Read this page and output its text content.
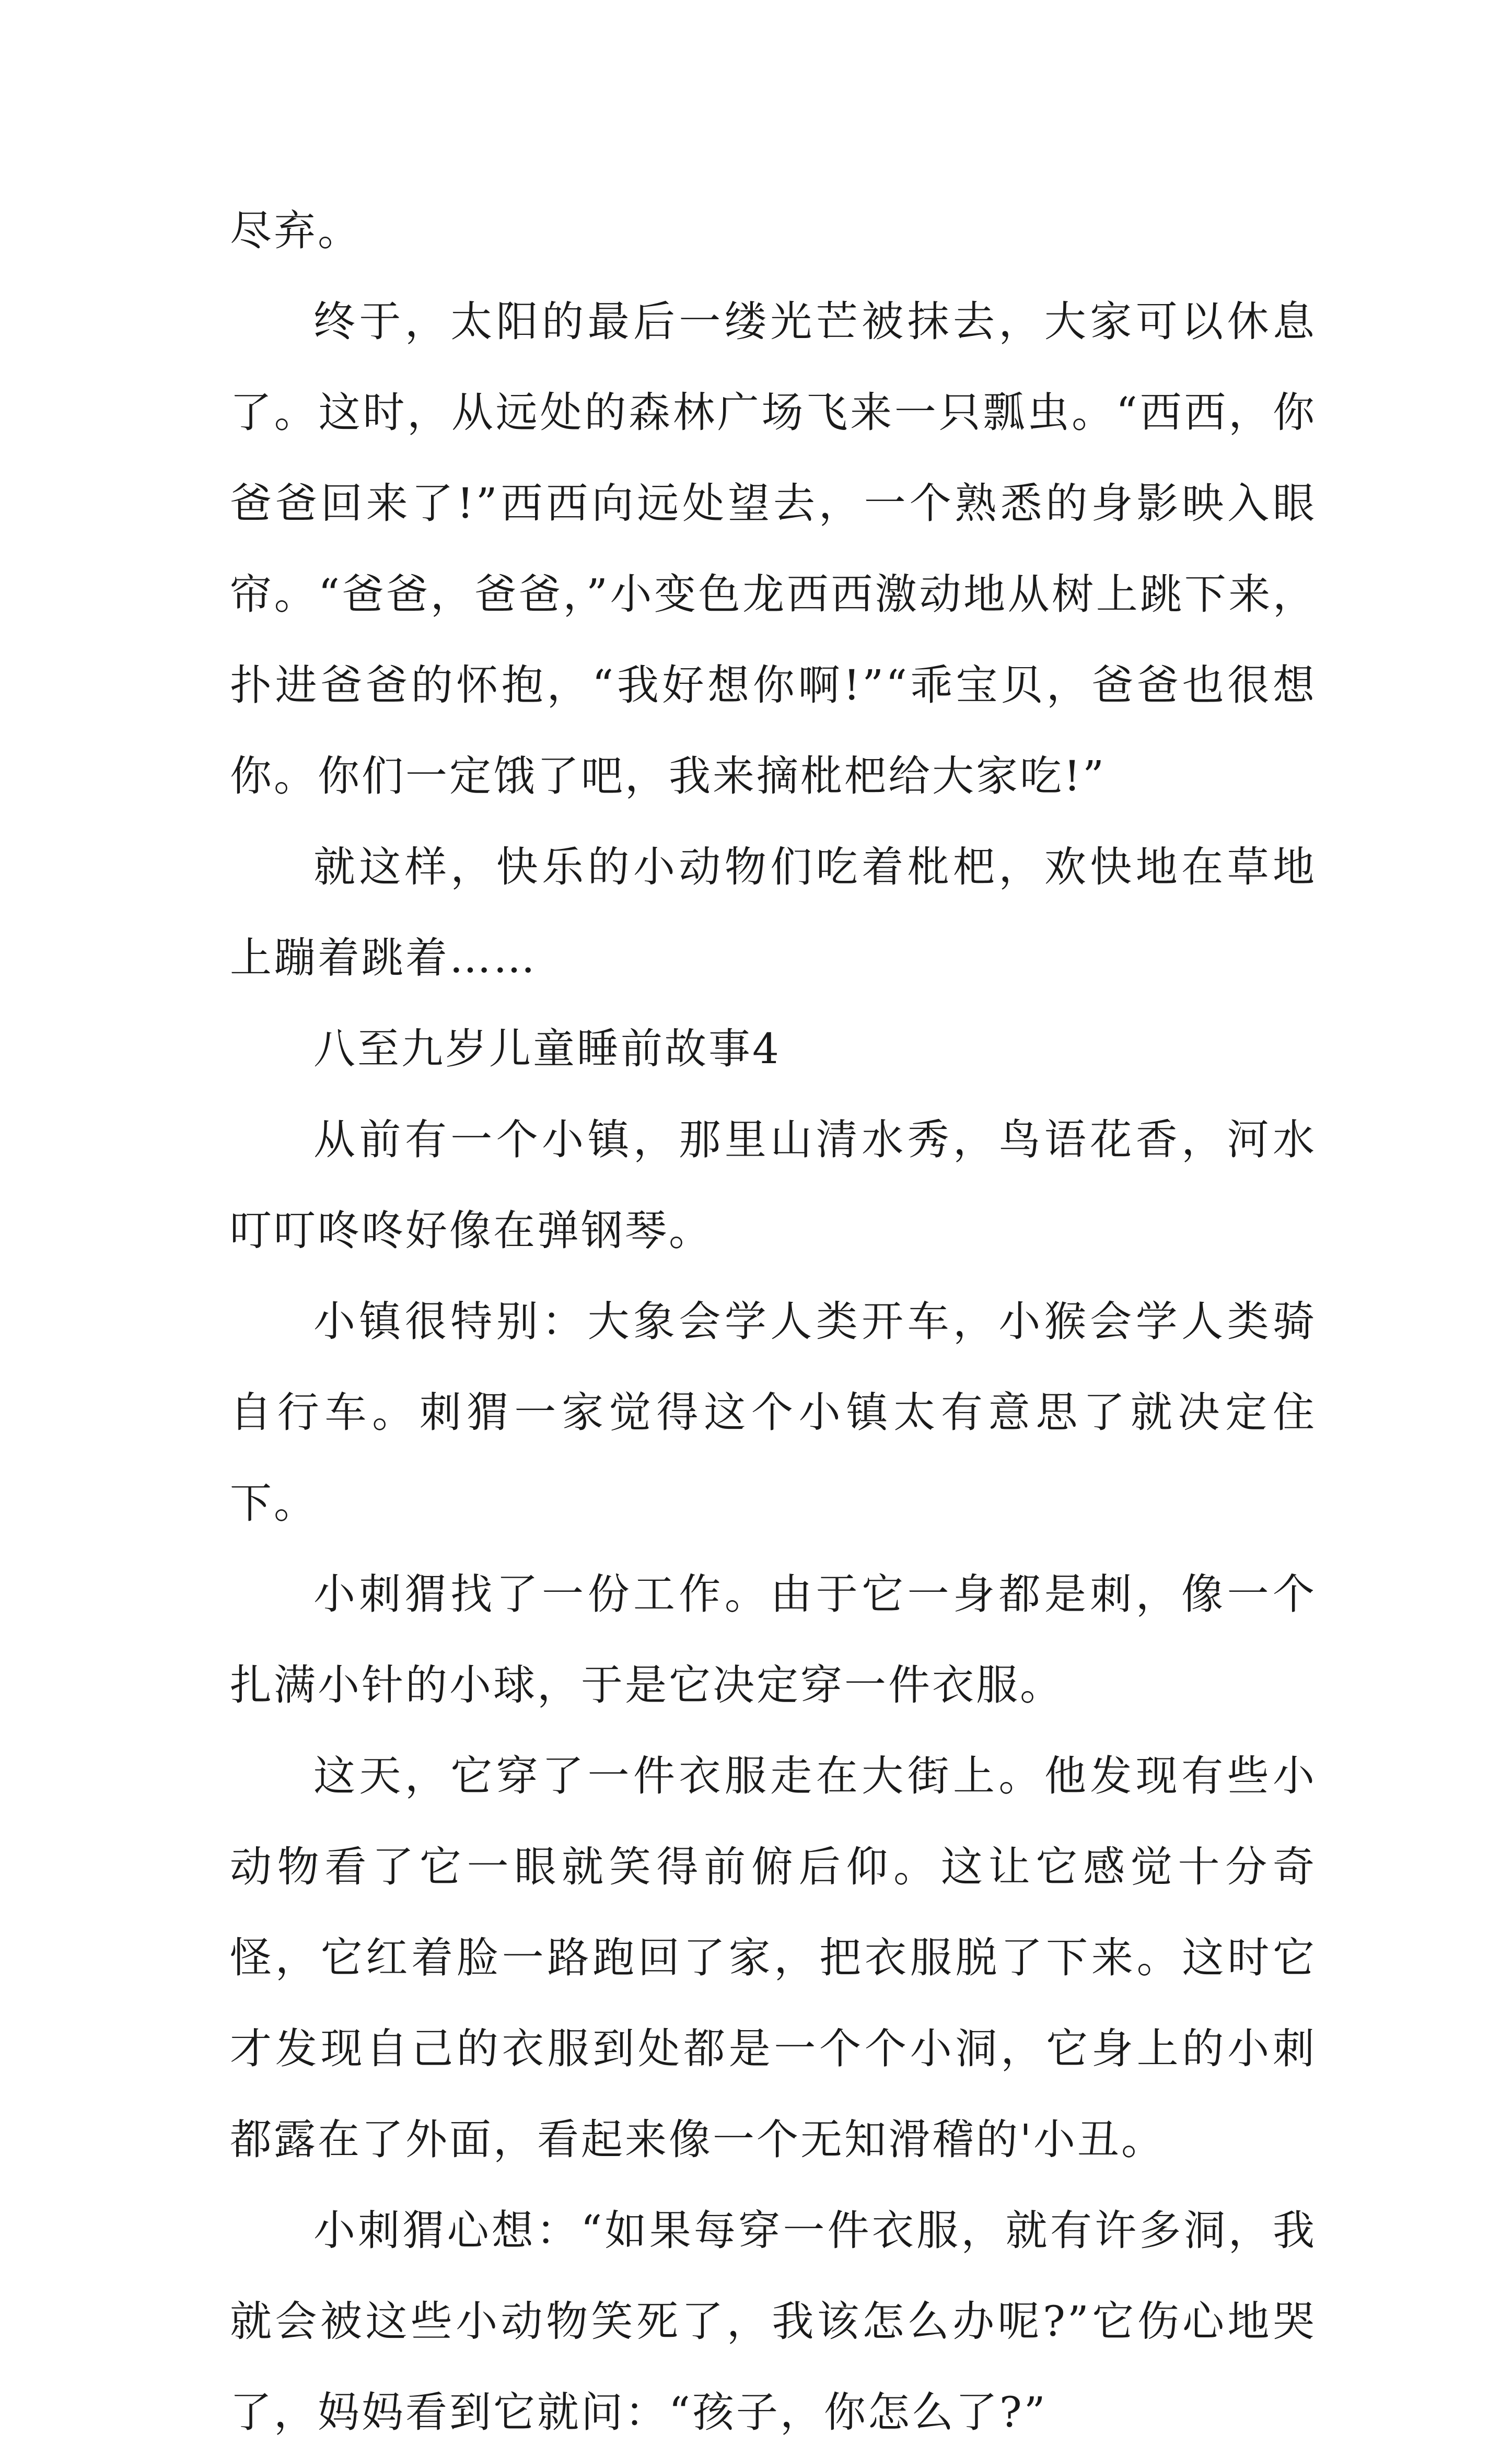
尽弃。

终于，太阳的最后一缕光芒被抹去，大家可以休息了。这时，从远处的森林广场飞来一只瓢虫。“西西，你爸爸回来了!”西西向远处望去，一个熟悉的身影映入眼帘。“爸爸，爸爸，”小变色龙西西激动地从树上跳下来，扑进爸爸的怀抱，“我好想你啊!”“乖宝贝，爸爸也很想你。你们一定饿了吧，我来摘枇杷给大家吃!”

就这样，快乐的小动物们吃着枇杷，欢快地在草地上蹦着跳着……

八至九岁儿童睡前故事4

从前有一个小镇，那里山清水秀，鸟语花香，河水叮叮咚咚好像在弹钢琴。

小镇很特别：大象会学人类开车，小猴会学人类骑自行车。刺猬一家觉得这个小镇太有意思了就决定住下。

小刺猬找了一份工作。由于它一身都是刺，像一个扎满小针的小球，于是它决定穿一件衣服。

这天，它穿了一件衣服走在大街上。他发现有些小动物看了它一眼就笑得前俯后仰。这让它感觉十分奇怪，它红着脸一路跑回了家，把衣服脱了下来。这时它才发现自己的衣服到处都是一个个小洞，它身上的小刺都露在了外面，看起来像一个无知滑稽的'小丑。

小刺猬心想：“如果每穿一件衣服，就有许多洞，我就会被这些小动物笑死了，我该怎么办呢?”它伤心地哭了，妈妈看到它就问：“孩子，你怎么了?”
